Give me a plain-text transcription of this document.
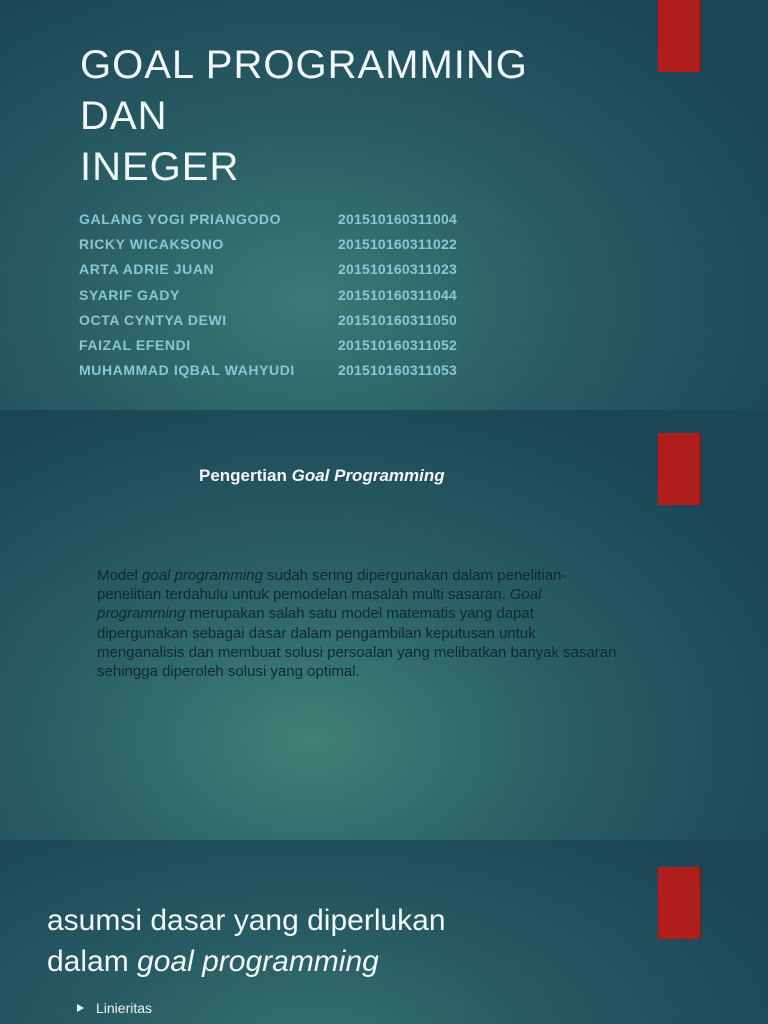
GOAL PROGRAMMING
DAN
INEGER
GALANG YOGI PRIANGODO	201510160311004
RICKY WICAKSONO	201510160311022
ARTA ADRIE JUAN	201510160311023
SYARIF GADY	201510160311044
OCTA CYNTYA DEWI	201510160311050
FAIZAL EFENDI	201510160311052
MUHAMMAD IQBAL WAHYUDI	201510160311053
Pengertian Goal Programming

Model goal programming sudah sering dipergunakan dalam penelitian-penelitian terdahulu untuk pemodelan masalah multi sasaran. Goal programming merupakan salah satu model matematis yang dapat dipergunakan sebagai dasar dalam pengambilan keputusan untuk menganalisis dan membuat solusi persoalan yang melibatkan banyak sasaran sehingga diperoleh solusi yang optimal.

asumsi dasar yang diperlukan
dalam goal programming
Linieritas
